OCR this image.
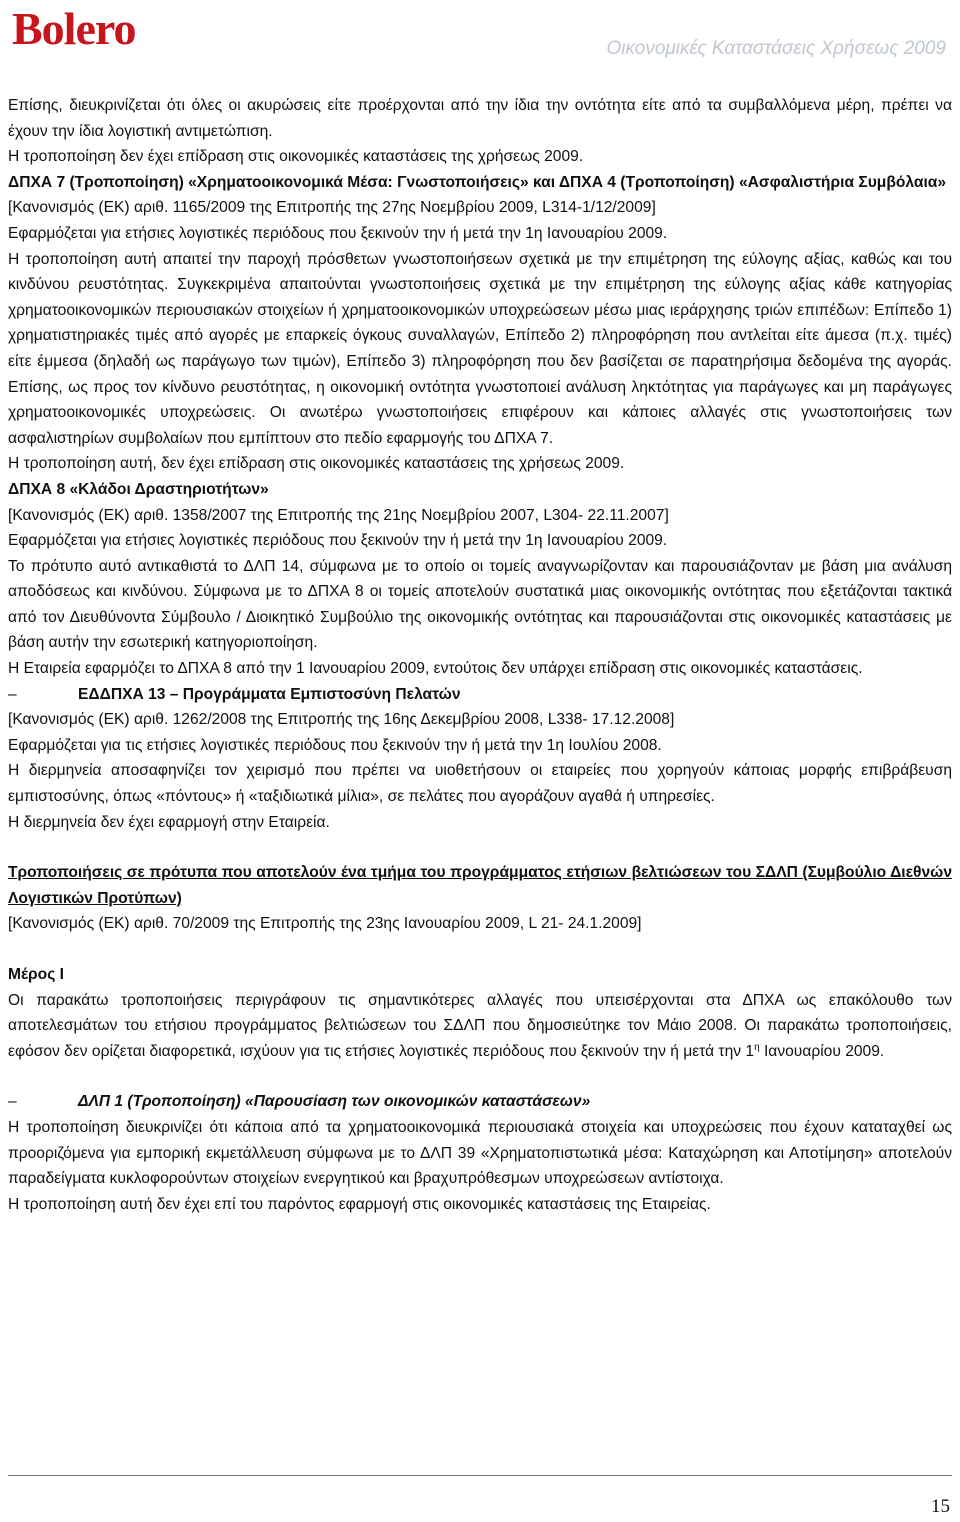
Bolero	Οικονομικές Καταστάσεις Χρήσεως 2009

Επίσης, διευκρινίζεται ότι όλες οι ακυρώσεις είτε προέρχονται από την ίδια την οντότητα είτε από τα συμβαλλόμενα μέρη, πρέπει να έχουν την ίδια λογιστική αντιμετώπιση.

Η τροποποίηση δεν έχει επίδραση στις οικονομικές καταστάσεις της χρήσεως 2009.

ΔΠΧΑ 7 (Τροποποίηση) «Χρηματοοικονομικά Μέσα: Γνωστοποιήσεις» και ΔΠΧΑ 4 (Τροποποίηση) «Ασφαλιστήρια Συμβόλαια»

[Κανονισμός (ΕΚ) αριθ. 1165/2009 της Επιτροπής της 27ης Νοεμβρίου 2009, L314-1/12/2009]

Εφαρμόζεται για ετήσιες λογιστικές περιόδους που ξεκινούν την ή μετά την 1η Ιανουαρίου 2009.

Η τροποποίηση αυτή απαιτεί την παροχή πρόσθετων γνωστοποιήσεων σχετικά με την επιμέτρηση της εύλογης αξίας, καθώς και του κινδύνου ρευστότητας. Συγκεκριμένα απαιτούνται γνωστοποιήσεις σχετικά με την επιμέτρηση της εύλογης αξίας κάθε κατηγορίας χρηματοοικονομικών περιουσιακών στοιχείων ή χρηματοοικονομικών υποχρεώσεων μέσω μιας ιεράρχησης τριών επιπέδων: Επίπεδο 1) χρηματιστηριακές τιμές από αγορές με επαρκείς όγκους συναλλαγών, Επίπεδο 2) πληροφόρηση που αντλείται είτε άμεσα (π.χ. τιμές) είτε έμμεσα (δηλαδή ως παράγωγο των τιμών), Επίπεδο 3) πληροφόρηση που δεν βασίζεται σε παρατηρήσιμα δεδομένα της αγοράς. Επίσης, ως προς τον κίνδυνο ρευστότητας, η οικονομική οντότητα γνωστοποιεί ανάλυση ληκτότητας για παράγωγες και μη παράγωγες χρηματοοικονομικές υποχρεώσεις. Οι ανωτέρω γνωστοποιήσεις επιφέρουν και κάποιες αλλαγές στις γνωστοποιήσεις των ασφαλιστηρίων συμβολαίων που εμπίπτουν στο πεδίο εφαρμογής του ΔΠΧΑ 7.

Η τροποποίηση αυτή, δεν έχει επίδραση στις οικονομικές καταστάσεις της χρήσεως 2009.

ΔΠΧΑ 8 «Κλάδοι Δραστηριοτήτων»

[Κανονισμός (ΕΚ) αριθ. 1358/2007 της Επιτροπής της 21ης Νοεμβρίου 2007, L304- 22.11.2007]

Εφαρμόζεται για ετήσιες λογιστικές περιόδους που ξεκινούν την ή μετά την 1η Ιανουαρίου 2009.

Το πρότυπο αυτό αντικαθιστά το ΔΛΠ 14, σύμφωνα με το οποίο οι τομείς αναγνωρίζονταν και παρουσιάζονταν με βάση μια ανάλυση αποδόσεως και κινδύνου. Σύμφωνα με το ΔΠΧΑ 8 οι τομείς αποτελούν συστατικά μιας οικονομικής οντότητας που εξετάζονται τακτικά από τον Διευθύνοντα Σύμβουλο / Διοικητικό Συμβούλιο της οικονομικής οντότητας και παρουσιάζονται στις οικονομικές καταστάσεις με βάση αυτήν την εσωτερική κατηγοριοποίηση.

Η Εταιρεία εφαρμόζει το ΔΠΧΑ 8 από την 1 Ιανουαρίου 2009, εντούτοις δεν υπάρχει επίδραση στις οικονομικές καταστάσεις.

–	ΕΔΔΠΧΑ 13 – Προγράμματα Εμπιστοσύνη Πελατών

[Κανονισμός (ΕΚ) αριθ. 1262/2008 της Επιτροπής της 16ης Δεκεμβρίου 2008, L338- 17.12.2008]

Εφαρμόζεται για τις ετήσιες λογιστικές περιόδους που ξεκινούν την ή μετά την 1η Ιουλίου 2008.

Η διερμηνεία αποσαφηνίζει τον χειρισμό που πρέπει να υιοθετήσουν οι εταιρείες που χορηγούν κάποιας μορφής επιβράβευση εμπιστοσύνης, όπως «πόντους» ή «ταξιδιωτικά μίλια», σε πελάτες που αγοράζουν αγαθά ή υπηρεσίες.

Η διερμηνεία δεν έχει εφαρμογή στην Εταιρεία.

Τροποποιήσεις σε πρότυπα που αποτελούν ένα τμήμα του προγράμματος ετήσιων βελτιώσεων του ΣΔΛΠ (Συμβούλιο Διεθνών Λογιστικών Προτύπων)

[Κανονισμός (ΕΚ) αριθ. 70/2009 της Επιτροπής της 23ης Ιανουαρίου 2009, L 21- 24.1.2009]

Μέρος Ι

Οι παρακάτω τροποποιήσεις περιγράφουν τις σημαντικότερες αλλαγές που υπεισέρχονται στα ΔΠΧΑ ως επακόλουθο των αποτελεσμάτων του ετήσιου προγράμματος βελτιώσεων του ΣΔΛΠ που δημοσιεύτηκε τον Μάιο 2008. Οι παρακάτω τροποποιήσεις, εφόσον δεν ορίζεται διαφορετικά, ισχύουν για τις ετήσιες λογιστικές περιόδους που ξεκινούν την ή μετά την $1^\eta$ Ιανουαρίου 2009.

–	ΔΛΠ 1 (Τροποποίηση) «Παρουσίαση των οικονομικών καταστάσεων»

Η τροποποίηση διευκρινίζει ότι κάποια από τα χρηματοοικονομικά περιουσιακά στοιχεία και υποχρεώσεις που έχουν καταταχθεί ως προοριζόμενα για εμπορική εκμετάλλευση σύμφωνα με το ΔΛΠ 39 «Χρηματοπιστωτικά μέσα: Καταχώρηση και Αποτίμηση» αποτελούν παραδείγματα κυκλοφορούντων στοιχείων ενεργητικού και βραχυπρόθεσμων υποχρεώσεων αντίστοιχα.

Η τροποποίηση αυτή δεν έχει επί του παρόντος εφαρμογή στις οικονομικές καταστάσεις της Εταιρείας.

15
